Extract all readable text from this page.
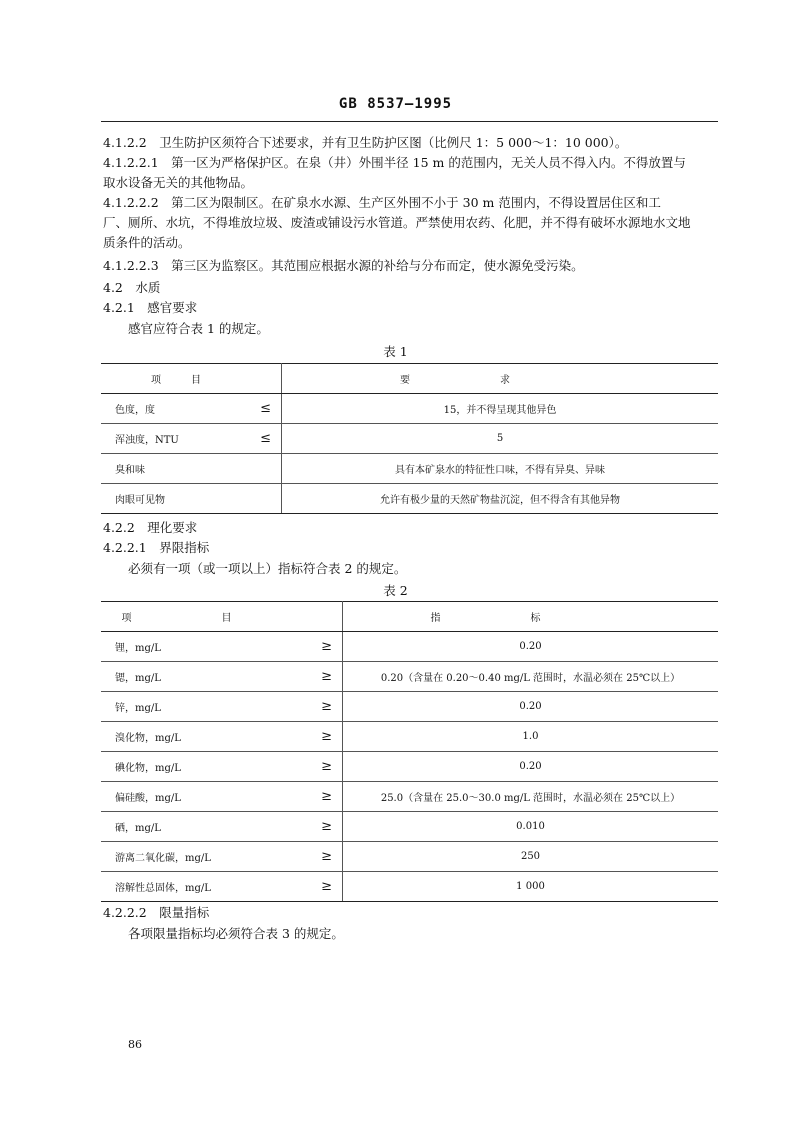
GB 8537—1995
4.1.2.2　卫生防护区须符合下述要求，并有卫生防护区图（比例尺 1：5 000～1：10 000）。
4.1.2.2.1　第一区为严格保护区。在泉（井）外围半径 15 m 的范围内，无关人员不得入内。不得放置与
取水设备无关的其他物品。
4.1.2.2.2　第二区为限制区。在矿泉水水源、生产区外围不小于 30 m 范围内，不得设置居住区和工
厂、厕所、水坑，不得堆放垃圾、废渣或铺设污水管道。严禁使用农药、化肥，并不得有破坏水源地水文地
质条件的活动。
4.1.2.2.3　第三区为监察区。其范围应根据水源的补给与分布而定，使水源免受污染。
4.2　水质
4.2.1　感官要求
感官应符合表 1 的规定。
表 1
项目	要求
色度，度 ≤	15，并不得呈现其他异色
浑浊度，NTU ≤	5
臭和味	具有本矿泉水的特征性口味，不得有异臭、异味
肉眼可见物	允许有极少量的天然矿物盐沉淀，但不得含有其他异物
4.2.2　理化要求
4.2.2.1　界限指标
必须有一项（或一项以上）指标符合表 2 的规定。
表 2
项目	指标
锂，mg/L ≥	0.20
锶，mg/L ≥	0.20（含量在 0.20～0.40 mg/L 范围时，水温必须在 25℃以上）
锌，mg/L ≥	0.20
溴化物，mg/L ≥	1.0
碘化物，mg/L ≥	0.20
偏硅酸，mg/L ≥	25.0（含量在 25.0～30.0 mg/L 范围时，水温必须在 25℃以上）
硒，mg/L ≥	0.010
游离二氧化碳，mg/L ≥	250
溶解性总固体，mg/L ≥	1 000
4.2.2.2　限量指标
各项限量指标均必须符合表 3 的规定。
86
